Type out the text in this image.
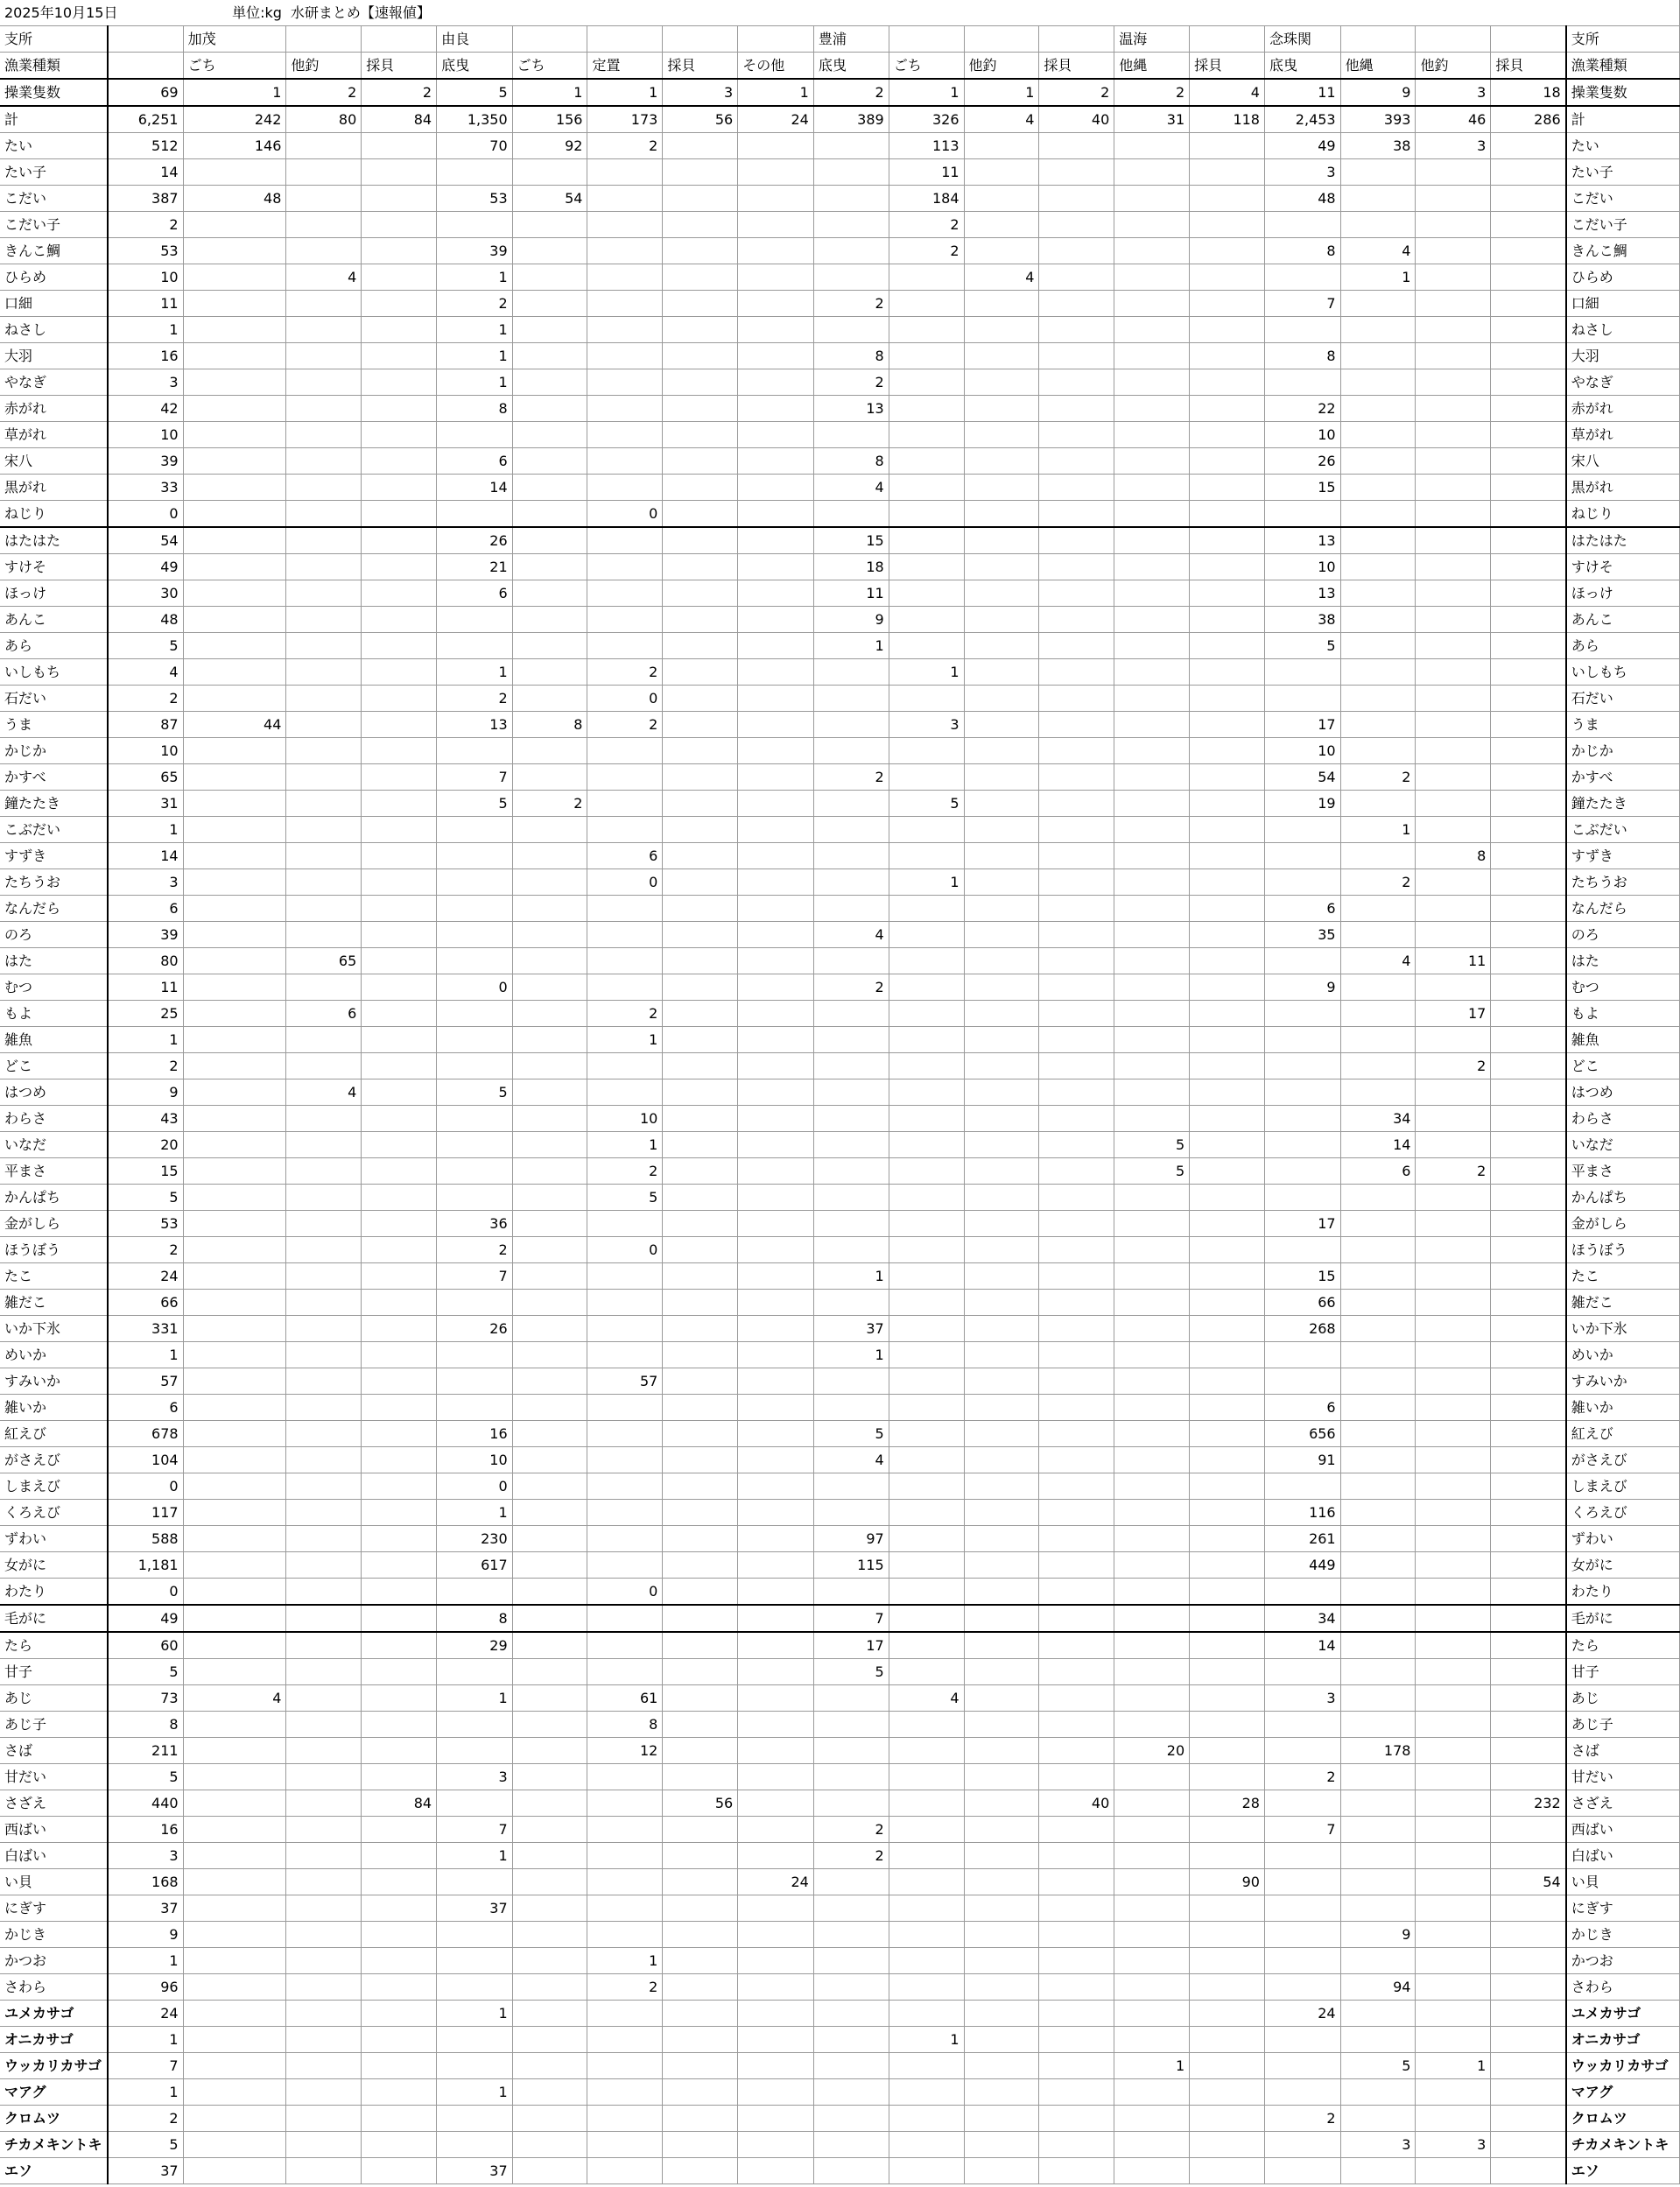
2025年10月15日		単位:kg	水研まとめ【速報値】																	
支所		加茂			由良					豊浦				温海		念珠関				支所
漁業種類		ごち	他釣	採貝	底曳	ごち	定置	採貝	その他	底曳	ごち	他釣	採貝	他縄	採貝	底曳	他縄	他釣	採貝	漁業種類
操業隻数	69	1	2	2	5	1	1	3	1	2	1	1	2	2	4	11	9	3	18	操業隻数
計	6,251	242	80	84	1,350	156	173	56	24	389	326	4	40	31	118	2,453	393	46	286	計
たい	512	146			70	92	2				113					49	38	3		たい
たい子	14										11					3				たい子
こだい	387	48			53	54					184					48				こだい
こだい子	2										2									こだい子
きんこ鯛	53				39						2					8	4			きんこ鯛
ひらめ	10		4		1							4					1			ひらめ
口細	11				2					2						7				口細
ねさし	1				1															ねさし
大羽	16				1					8						8				大羽
やなぎ	3				1					2										やなぎ
赤がれ	42				8					13						22				赤がれ
草がれ	10															10				草がれ
宋八	39				6					8						26				宋八
黒がれ	33				14					4						15				黒がれ
ねじり	0						0													ねじり
はたはた	54				26					15						13				はたはた
すけそ	49				21					18						10				すけそ
ほっけ	30				6					11						13				ほっけ
あんこ	48									9						38				あんこ
あら	5									1						5				あら
いしもち	4				1		2				1									いしもち
石だい	2				2		0													石だい
うま	87	44			13	8	2				3					17				うま
かじか	10															10				かじか
かすべ	65				7					2						54	2			かすべ
鐘たたき	31				5	2					5					19				鐘たたき
こぶだい	1																1			こぶだい
すずき	14						6											8		すずき
たちうお	3						0				1						2			たちうお
なんだら	6															6				なんだら
のろ	39									4						35				のろ
はた	80		65														4	11		はた
むつ	11				0					2						9				むつ
もよ	25		6				2											17		もよ
雑魚	1						1													雑魚
どこ	2																	2		どこ
はつめ	9		4		5															はつめ
わらさ	43						10										34			わらさ
いなだ	20						1							5			14			いなだ
平まさ	15						2							5			6	2		平まさ
かんぱち	5						5													かんぱち
金がしら	53				36											17				金がしら
ほうぼう	2				2		0													ほうぼう
たこ	24				7					1						15				たこ
雑だこ	66															66				雑だこ
いか下氷	331				26					37						268				いか下氷
めいか	1									1										めいか
すみいか	57						57													すみいか
雑いか	6															6				雑いか
紅えび	678				16					5						656				紅えび
がさえび	104				10					4						91				がさえび
しまえび	0				0															しまえび
くろえび	117				1											116				くろえび
ずわい	588				230					97						261				ずわい
女がに	1,181				617					115						449				女がに
わたり	0						0													わたり
毛がに	49				8					7						34				毛がに
たら	60				29					17						14				たら
甘子	5									5										甘子
あじ	73	4			1		61				4					3				あじ
あじ子	8						8													あじ子
さば	211						12							20			178			さば
甘だい	5				3											2				甘だい
さざえ	440			84				56					40		28				232	さざえ
西ばい	16				7					2						7				西ばい
白ばい	3				1					2										白ばい
い貝	168								24						90				54	い貝
にぎす	37				37															にぎす
かじき	9																9			かじき
かつお	1						1													かつお
さわら	96						2										94			さわら
ユメカサゴ	24				1											24				ユメカサゴ
オニカサゴ	1										1									オニカサゴ
ウッカリカサゴ	7													1			5	1		ウッカリカサゴ
マアグ	1				1															マアグ
クロムツ	2															2				クロムツ
チカメキントキ	5																3	3		チカメキントキ
エソ	37				37															エソ
